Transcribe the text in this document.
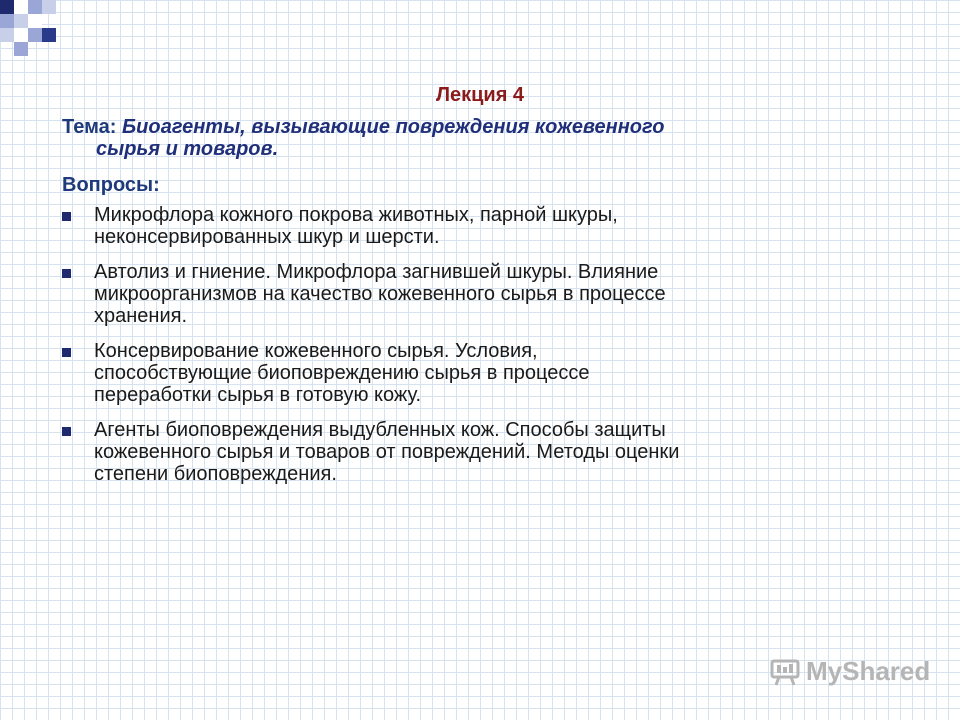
Лекция 4
Тема: Биоагенты, вызывающие повреждения кожевенного
сырья и товаров.
Вопросы:
Микрофлора кожного покрова животных, парной шкуры,
неконсервированных шкур и шерсти.
Автолиз и гниение. Микрофлора загнившей шкуры. Влияние
микроорганизмов на качество кожевенного сырья в процессе
хранения.
Консервирование кожевенного сырья. Условия,
способствующие биоповреждению сырья в процессе
переработки сырья в готовую кожу.
Агенты биоповреждения выдубленных кож. Способы защиты
кожевенного сырья и товаров от повреждений. Методы оценки
степени биоповреждения.
MyShared
